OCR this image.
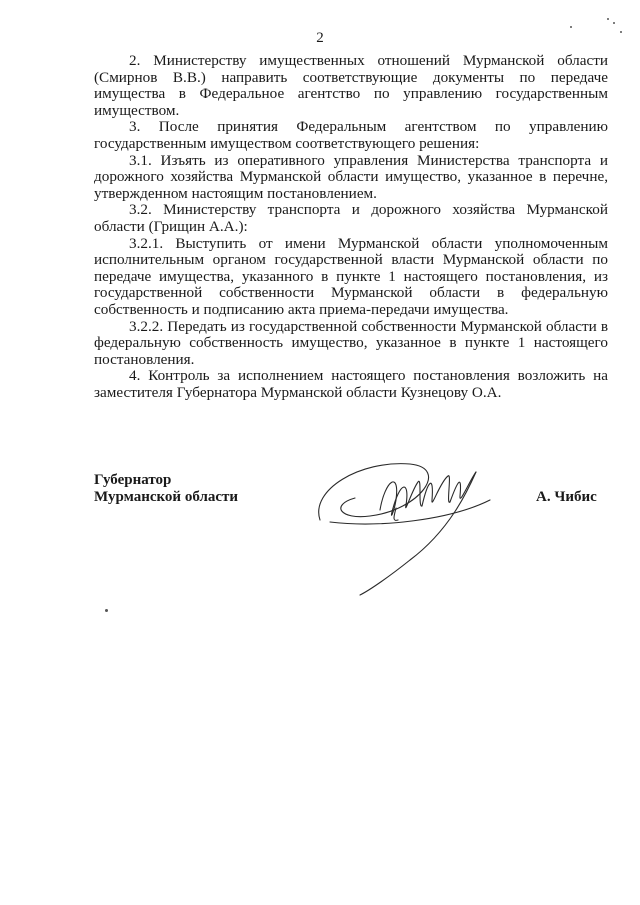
2

2. Министерству имущественных отношений Мурманской области (Смирнов В.В.) направить соответствующие документы по передаче имущества в Федеральное агентство по управлению государственным имуществом.

3. После принятия Федеральным агентством по управлению государственным имуществом соответствующего решения:

3.1. Изъять из оперативного управления Министерства транспорта и дорожного хозяйства Мурманской области имущество, указанное в перечне, утвержденном настоящим постановлением.

3.2. Министерству транспорта и дорожного хозяйства Мурманской области (Грищин А.А.):

3.2.1. Выступить от имени Мурманской области уполномоченным исполнительным органом государственной власти Мурманской области по передаче имущества, указанного в пункте 1 настоящего постановления, из государственной собственности Мурманской области в федеральную собственность и подписанию акта приема-передачи имущества.

3.2.2. Передать из государственной собственности Мурманской области в федеральную собственность имущество, указанное в пункте 1 настоящего постановления.

4. Контроль за исполнением настоящего постановления возложить на заместителя Губернатора Мурманской области Кузнецову О.А.

Губернатор
Мурманской области	А. Чибис
